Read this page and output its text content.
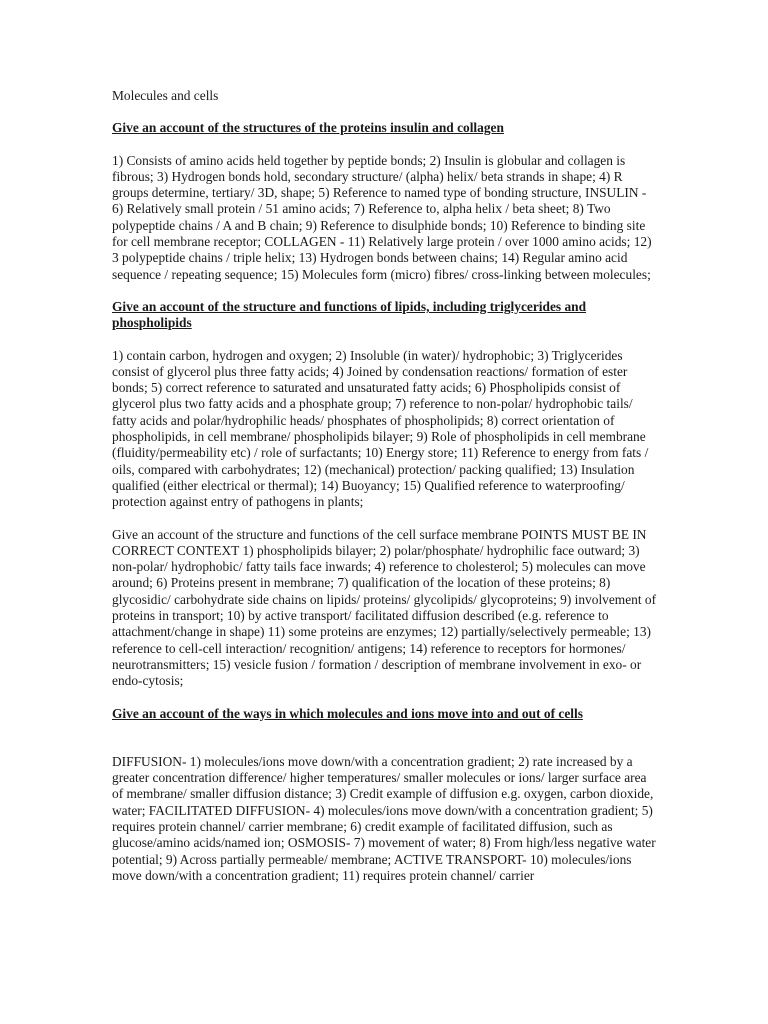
Molecules and cells

Give an account of the structures of the proteins insulin and collagen

1) Consists of amino acids held together by peptide bonds; 2) Insulin is globular and collagen is fibrous; 3) Hydrogen bonds hold, secondary structure/ (alpha) helix/ beta strands in shape; 4) R groups determine, tertiary/ 3D, shape; 5) Reference to named type of bonding structure, INSULIN - 6) Relatively small protein / 51 amino acids; 7) Reference to, alpha helix / beta sheet; 8) Two polypeptide chains / A and B chain; 9) Reference to disulphide bonds; 10) Reference to binding site for cell membrane receptor; COLLAGEN - 11) Relatively large protein / over 1000 amino acids; 12) 3 polypeptide chains / triple helix; 13) Hydrogen bonds between chains; 14) Regular amino acid sequence / repeating sequence; 15) Molecules form (micro) fibres/ cross-linking between molecules;

Give an account of the structure and functions of lipids, including triglycerides and phospholipids

1) contain carbon, hydrogen and oxygen; 2) Insoluble (in water)/ hydrophobic; 3) Triglycerides consist of glycerol plus three fatty acids; 4) Joined by condensation reactions/ formation of ester bonds; 5) correct reference to saturated and unsaturated fatty acids; 6) Phospholipids consist of glycerol plus two fatty acids and a phosphate group; 7) reference to non-polar/ hydrophobic tails/ fatty acids and polar/hydrophilic heads/ phosphates of phospholipids; 8) correct orientation of phospholipids, in cell membrane/ phospholipids bilayer; 9) Role of phospholipids in cell membrane (fluidity/permeability etc) / role of surfactants; 10) Energy store; 11) Reference to energy from fats / oils, compared with carbohydrates; 12) (mechanical) protection/ packing qualified; 13) Insulation qualified (either electrical or thermal); 14) Buoyancy; 15) Qualified reference to waterproofing/ protection against entry of pathogens in plants;

Give an account of the structure and functions of the cell surface membrane POINTS MUST BE IN CORRECT CONTEXT 1) phospholipids bilayer; 2) polar/phosphate/ hydrophilic face outward; 3) non-polar/ hydrophobic/ fatty tails face inwards; 4) reference to cholesterol; 5) molecules can move around; 6) Proteins present in membrane; 7) qualification of the location of these proteins; 8) glycosidic/ carbohydrate side chains on lipids/ proteins/ glycolipids/ glycoproteins; 9) involvement of proteins in transport; 10) by active transport/ facilitated diffusion described (e.g. reference to attachment/change in shape) 11) some proteins are enzymes; 12) partially/selectively permeable; 13) reference to cell-cell interaction/ recognition/ antigens; 14) reference to receptors for hormones/ neurotransmitters; 15) vesicle fusion / formation / description of membrane involvement in exo- or endo-cytosis;

Give an account of the ways in which molecules and ions move into and out of cells

DIFFUSION- 1) molecules/ions move down/with a concentration gradient; 2) rate increased by a greater concentration difference/ higher temperatures/ smaller molecules or ions/ larger surface area of membrane/ smaller diffusion distance; 3) Credit example of diffusion e.g. oxygen, carbon dioxide, water; FACILITATED DIFFUSION- 4) molecules/ions move down/with a concentration gradient; 5) requires protein channel/ carrier membrane; 6) credit example of facilitated diffusion, such as glucose/amino acids/named ion; OSMOSIS- 7) movement of water; 8) From high/less negative water potential; 9) Across partially permeable/ membrane; ACTIVE TRANSPORT- 10) molecules/ions move down/with a concentration gradient; 11) requires protein channel/ carrier
